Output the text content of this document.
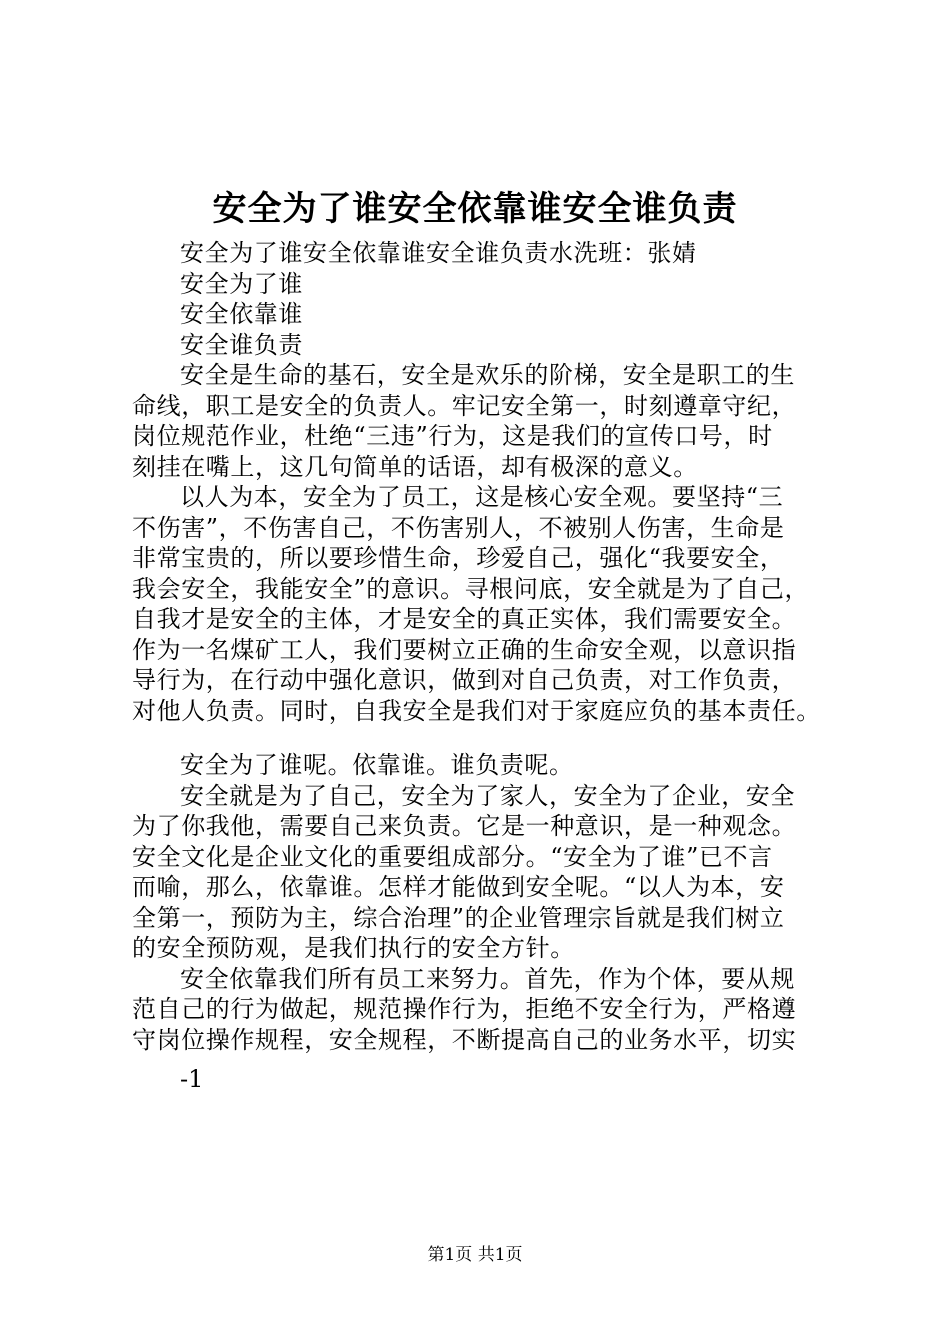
安全为了谁安全依靠谁安全谁负责
安全为了谁安全依靠谁安全谁负责水洗班：张婧
安全为了谁
安全依靠谁
安全谁负责
安全是生命的基石，安全是欢乐的阶梯，安全是职工的生
命线，职工是安全的负责人。牢记安全第一，时刻遵章守纪，
岗位规范作业，杜绝“三违”行为，这是我们的宣传口号，时
刻挂在嘴上，这几句简单的话语，却有极深的意义。
以人为本，安全为了员工，这是核心安全观。要坚持“三
不伤害”，不伤害自己，不伤害别人，不被别人伤害，生命是
非常宝贵的，所以要珍惜生命，珍爱自己，强化“我要安全，
我会安全，我能安全”的意识。寻根问底，安全就是为了自己，
自我才是安全的主体，才是安全的真正实体，我们需要安全。
作为一名煤矿工人，我们要树立正确的生命安全观，以意识指
导行为，在行动中强化意识，做到对自己负责，对工作负责，
对他人负责。同时，自我安全是我们对于家庭应负的基本责任。
安全为了谁呢。依靠谁。谁负责呢。
安全就是为了自己，安全为了家人，安全为了企业，安全
为了你我他，需要自己来负责。它是一种意识，是一种观念。
安全文化是企业文化的重要组成部分。“安全为了谁”已不言
而喻，那么，依靠谁。怎样才能做到安全呢。“以人为本，安
全第一，预防为主，综合治理”的企业管理宗旨就是我们树立
的安全预防观，是我们执行的安全方针。
安全依靠我们所有员工来努力。首先，作为个体，要从规
范自己的行为做起，规范操作行为，拒绝不安全行为，严格遵
守岗位操作规程，安全规程，不断提高自己的业务水平，切实
-1
第1页 共1页
